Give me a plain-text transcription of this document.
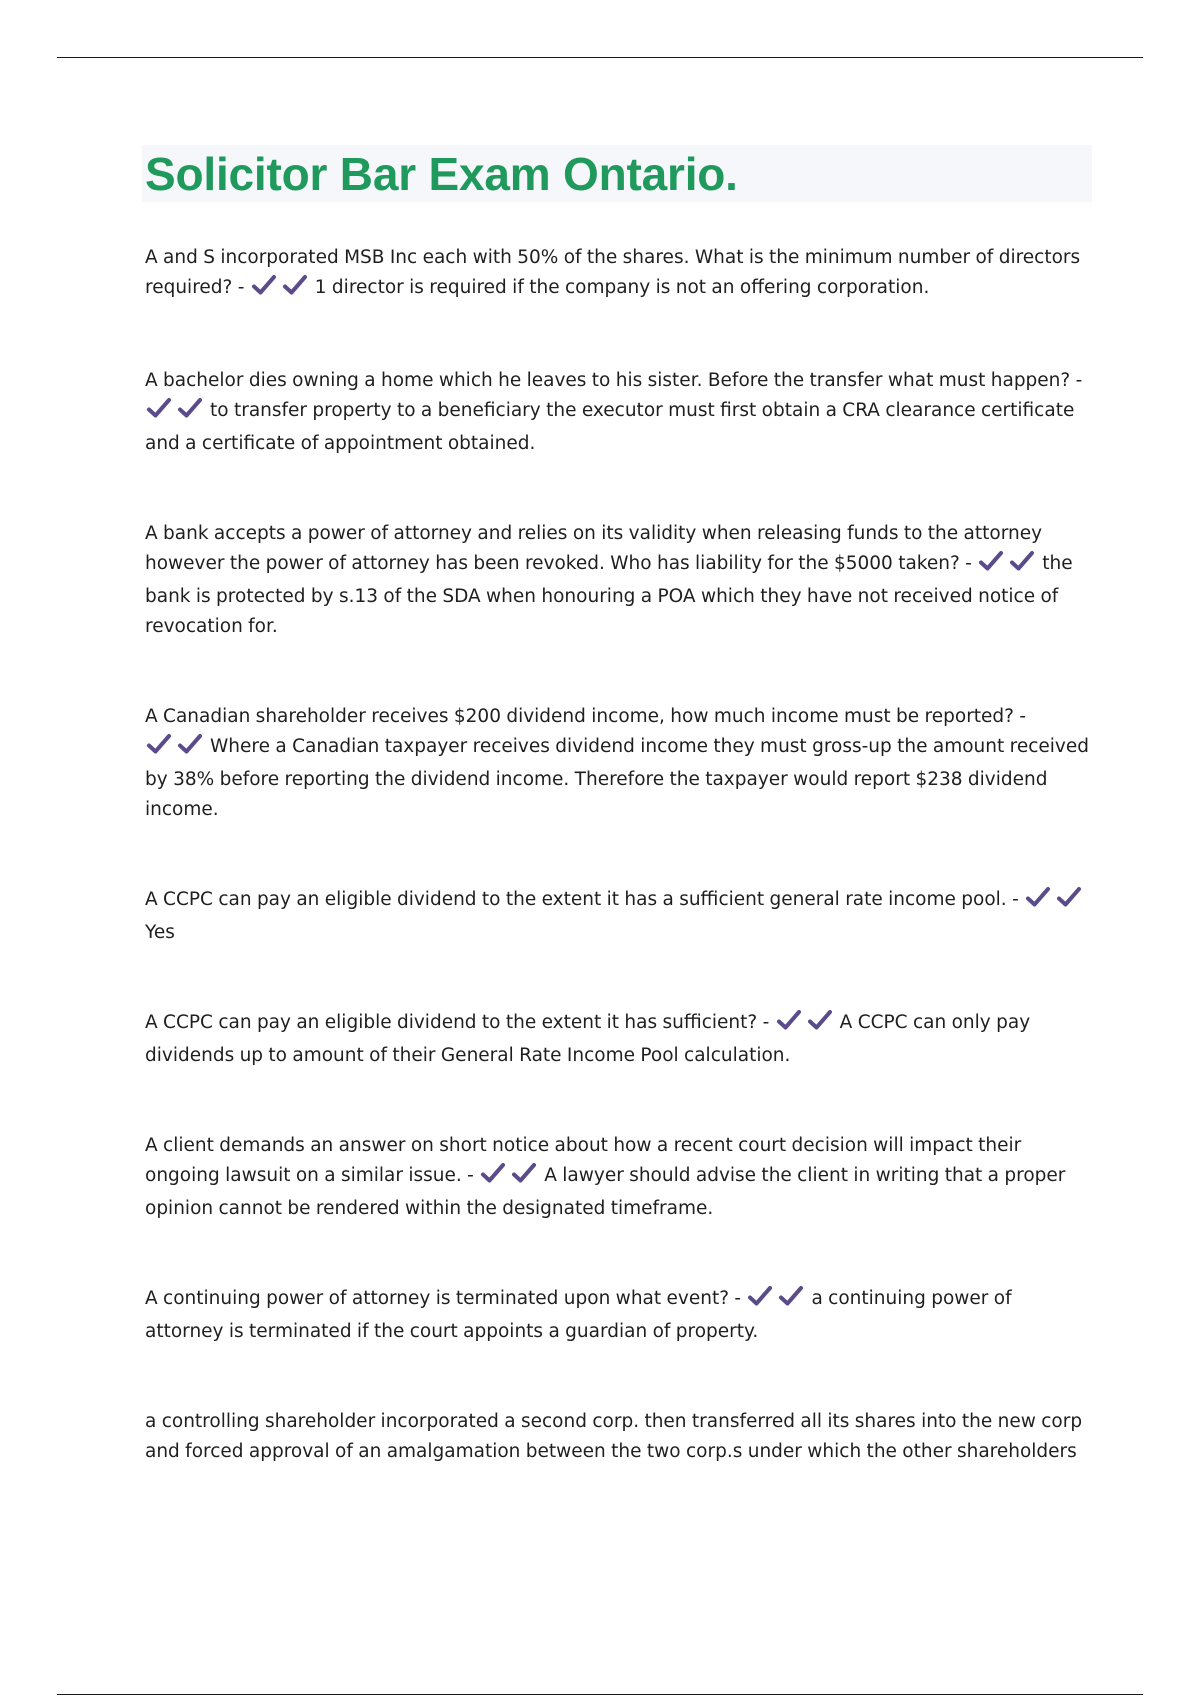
Solicitor Bar Exam Ontario.

A and S incorporated MSB Inc each with 50% of the shares. What is the minimum number of directors required? -	1 director is required if the company is not an offering corporation.

A bachelor dies owning a home which he leaves to his sister. Before the transfer what must happen? -
to transfer property to a beneficiary the executor must first obtain a CRA clearance certificate and a certificate of appointment obtained.

A bank accepts a power of attorney and relies on its validity when releasing funds to the attorney however the power of attorney has been revoked. Who has liability for the $5000 taken? -	the bank is protected by s.13 of the SDA when honouring a POA which they have not received notice of revocation for.

A Canadian shareholder receives $200 dividend income, how much income must be reported? -
Where a Canadian taxpayer receives dividend income they must gross-up the amount received by 38% before reporting the dividend income. Therefore the taxpayer would report $238 dividend income.

A CCPC can pay an eligible dividend to the extent it has a sufficient general rate income pool. -
Yes

A CCPC can pay an eligible dividend to the extent it has sufficient? -	A CCPC can only pay dividends up to amount of their General Rate Income Pool calculation.

A client demands an answer on short notice about how a recent court decision will impact their ongoing lawsuit on a similar issue. -	A lawyer should advise the client in writing that a proper opinion cannot be rendered within the designated timeframe.

A continuing power of attorney is terminated upon what event? -	a continuing power of attorney is terminated if the court appoints a guardian of property.

a controlling shareholder incorporated a second corp. then transferred all its shares into the new corp and forced approval of an amalgamation between the two corp.s under which the other shareholders
